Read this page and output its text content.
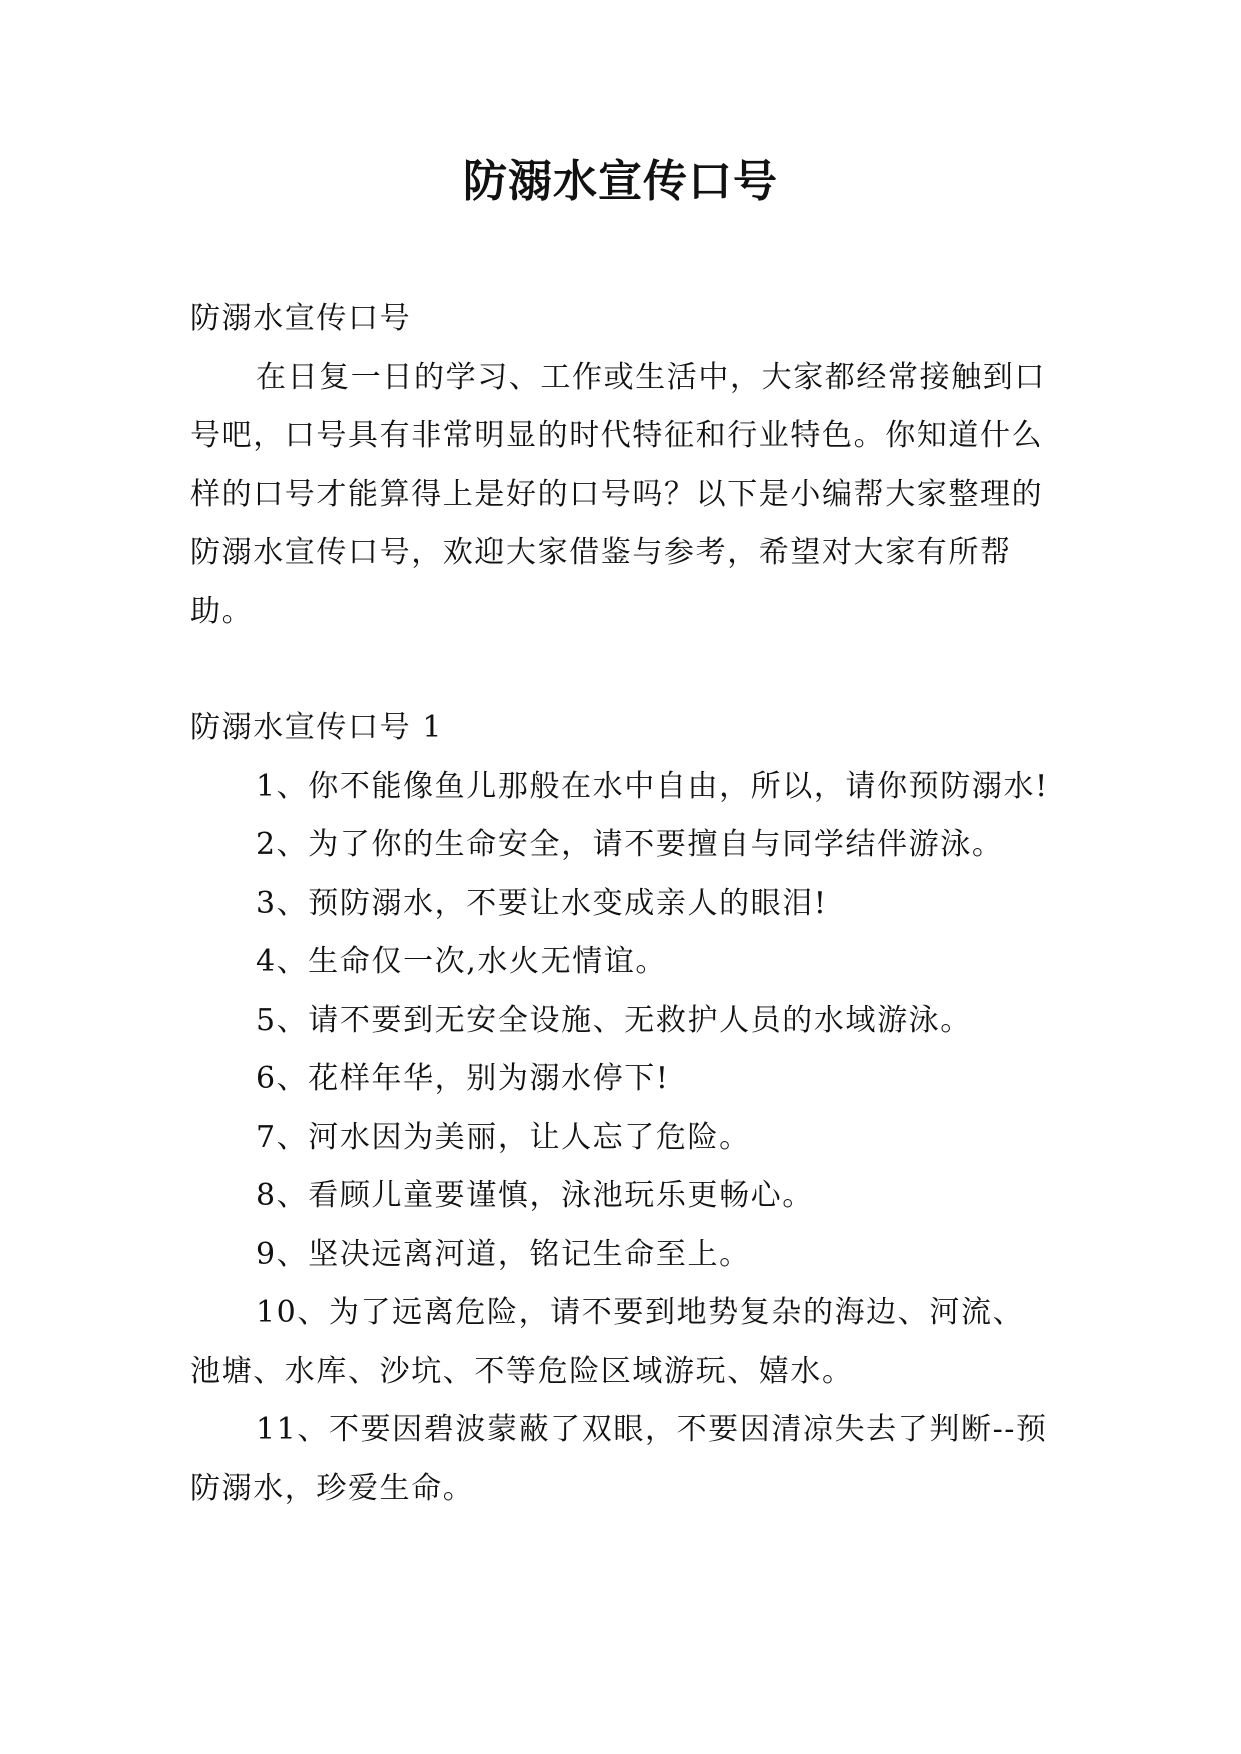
防溺水宣传口号

防溺水宣传口号

在日复一日的学习、工作或生活中，大家都经常接触到口号吧，口号具有非常明显的时代特征和行业特色。你知道什么样的口号才能算得上是好的口号吗？以下是小编帮大家整理的防溺水宣传口号，欢迎大家借鉴与参考，希望对大家有所帮助。

防溺水宣传口号 1

1、你不能像鱼儿那般在水中自由，所以，请你预防溺水!

2、为了你的生命安全，请不要擅自与同学结伴游泳。

3、预防溺水，不要让水变成亲人的眼泪!

4、生命仅一次,水火无情谊。

5、请不要到无安全设施、无救护人员的水域游泳。

6、花样年华，别为溺水停下!

7、河水因为美丽，让人忘了危险。

8、看顾儿童要谨慎，泳池玩乐更畅心。

9、坚决远离河道，铭记生命至上。

10、为了远离危险，请不要到地势复杂的海边、河流、池塘、水库、沙坑、不等危险区域游玩、嬉水。

11、不要因碧波蒙蔽了双眼，不要因清凉失去了判断--预防溺水，珍爱生命。
